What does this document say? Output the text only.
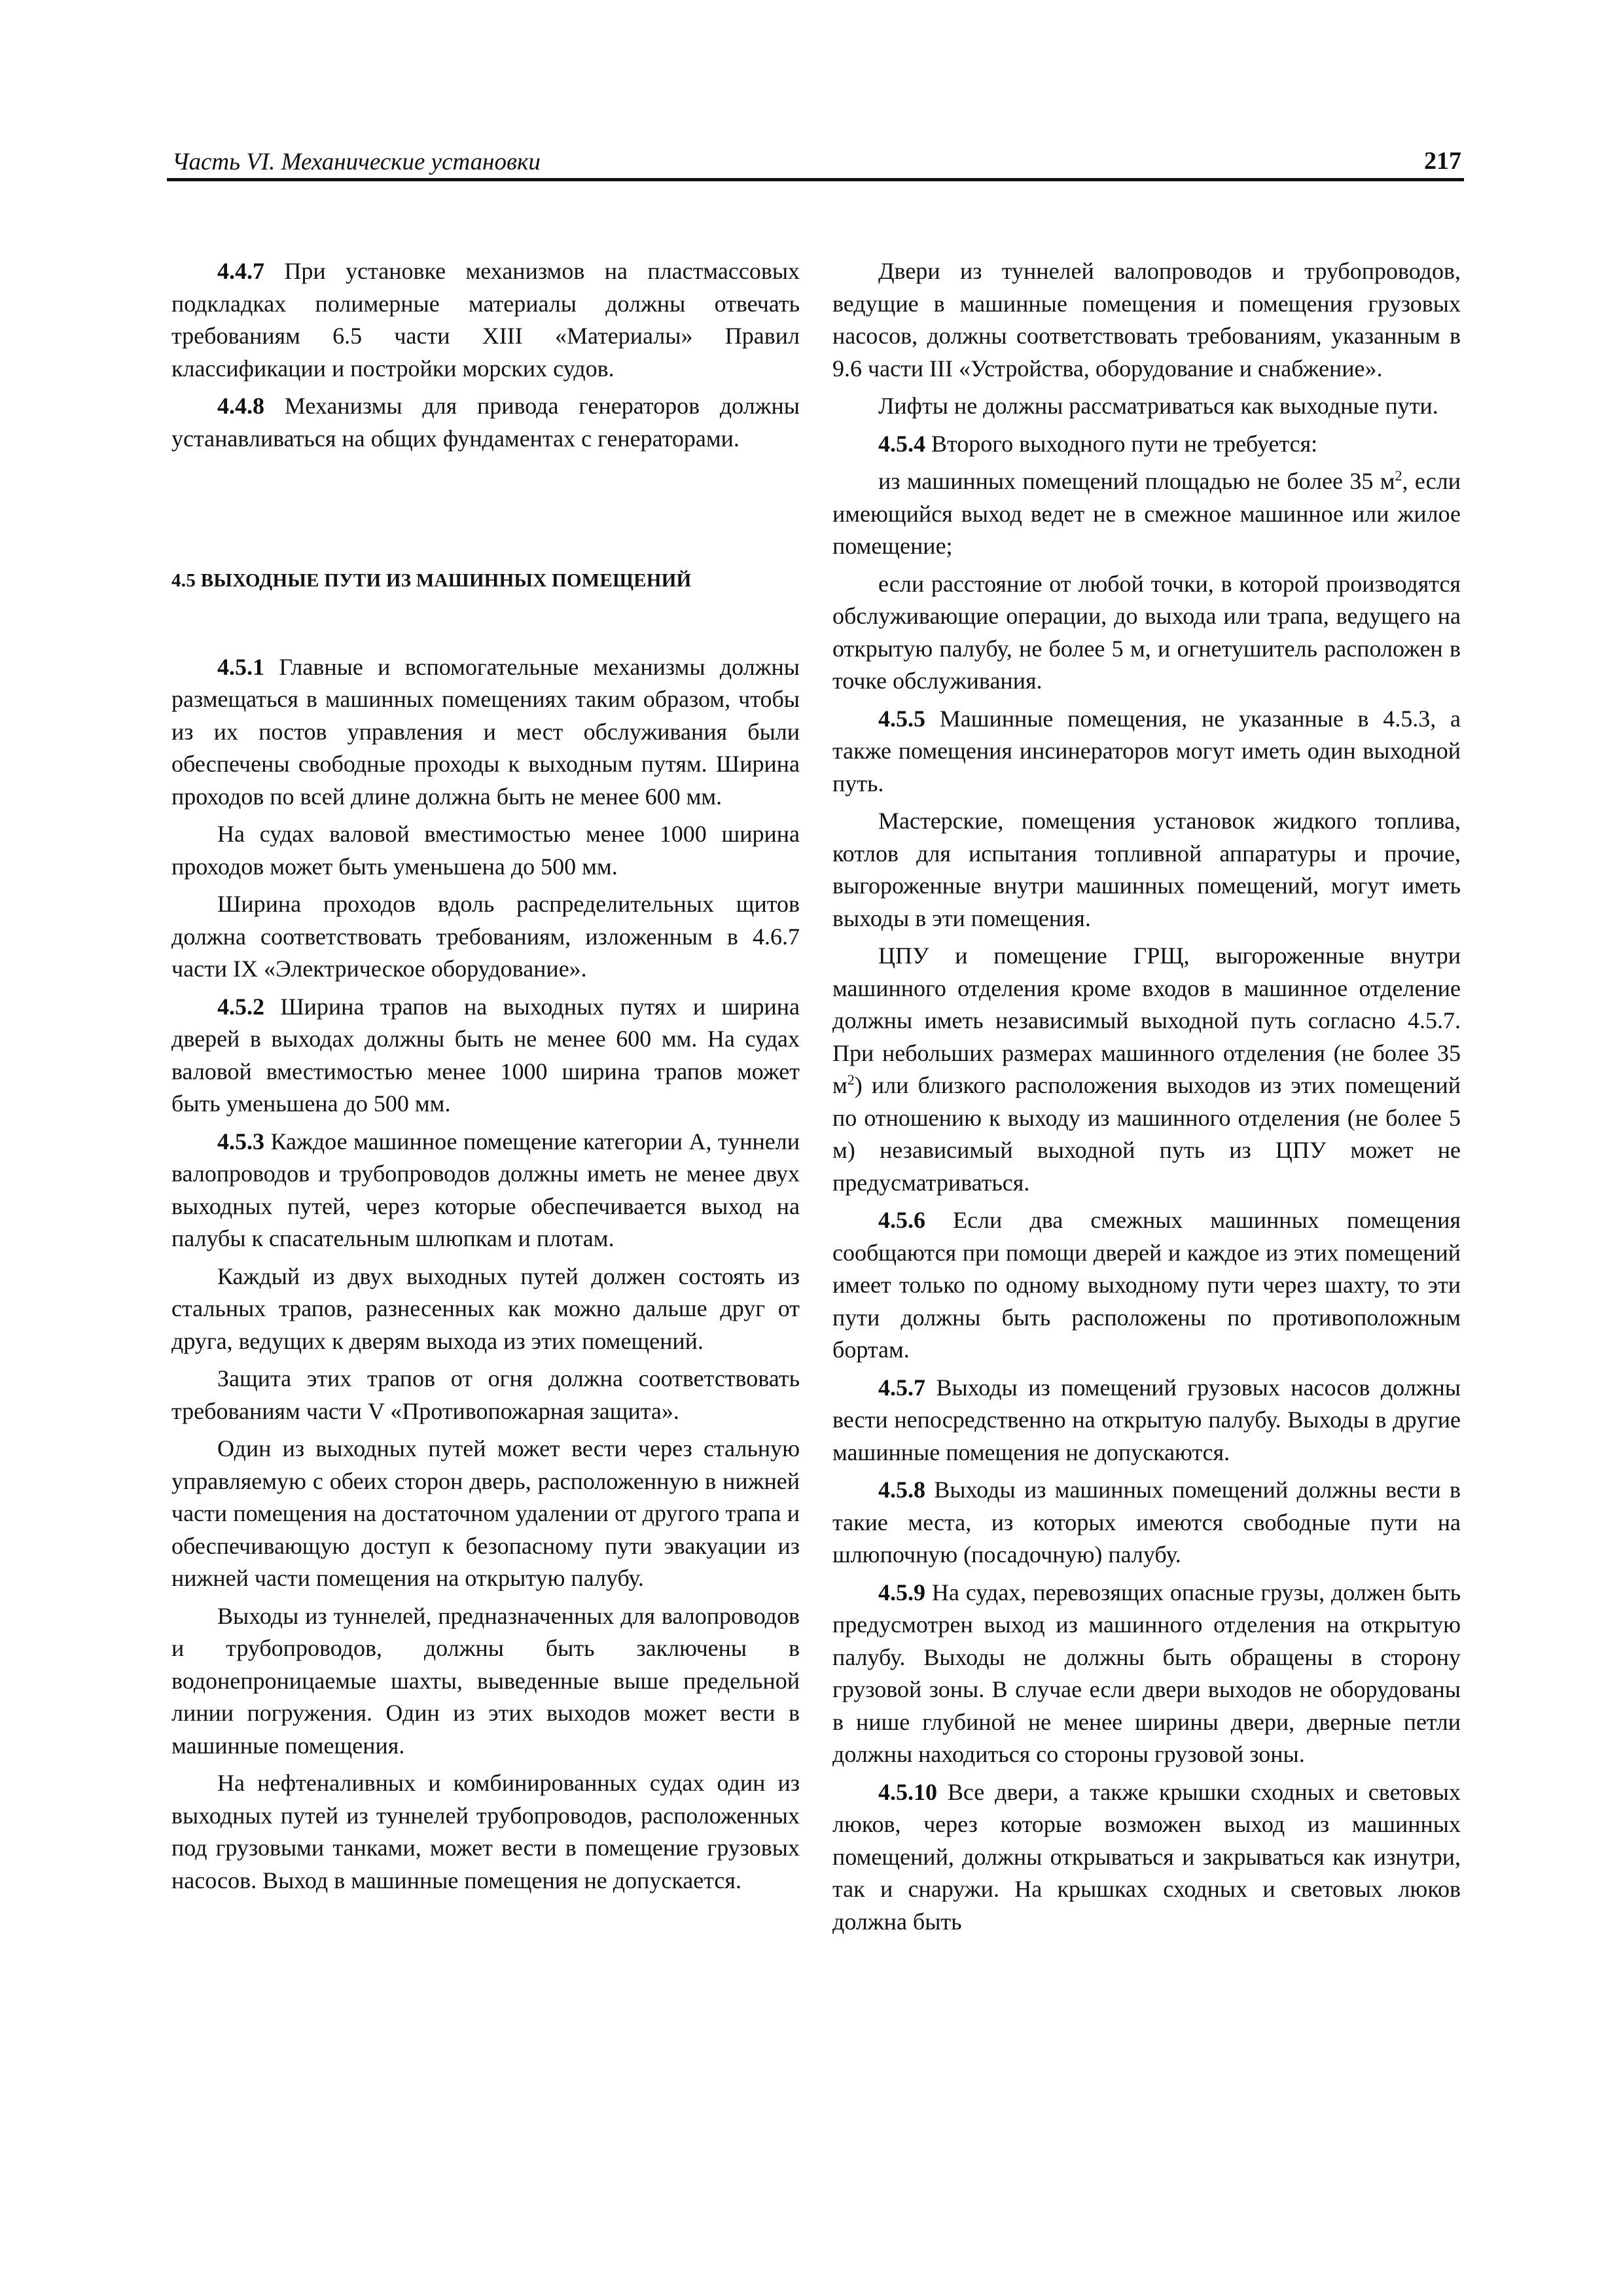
Часть VI. Механические установки	217

4.4.7 При установке механизмов на пластмассовых подкладках полимерные материалы должны отвечать требованиям 6.5 части XIII «Материалы» Правил классификации и постройки морских судов.

4.4.8 Механизмы для привода генераторов должны устанавливаться на общих фундаментах с генераторами.

4.5 ВЫХОДНЫЕ ПУТИ ИЗ МАШИННЫХ ПОМЕЩЕНИЙ

4.5.1 Главные и вспомогательные механизмы должны размещаться в машинных помещениях таким образом, чтобы из их постов управления и мест обслуживания были обеспечены свободные проходы к выходным путям. Ширина проходов по всей длине должна быть не менее 600 мм.

На судах валовой вместимостью менее 1000 ширина проходов может быть уменьшена до 500 мм.

Ширина проходов вдоль распределительных щитов должна соответствовать требованиям, изложенным в 4.6.7 части IX «Электрическое оборудование».

4.5.2 Ширина трапов на выходных путях и ширина дверей в выходах должны быть не менее 600 мм. На судах валовой вместимостью менее 1000 ширина трапов может быть уменьшена до 500 мм.

4.5.3 Каждое машинное помещение категории А, туннели валопроводов и трубопроводов должны иметь не менее двух выходных путей, через которые обеспечивается выход на палубы к спасательным шлюпкам и плотам.

Каждый из двух выходных путей должен состоять из стальных трапов, разнесенных как можно дальше друг от друга, ведущих к дверям выхода из этих помещений.

Защита этих трапов от огня должна соответствовать требованиям части V «Противопожарная защита».

Один из выходных путей может вести через стальную управляемую с обеих сторон дверь, расположенную в нижней части помещения на достаточном удалении от другого трапа и обеспечивающую доступ к безопасному пути эвакуации из нижней части помещения на открытую палубу.

Выходы из туннелей, предназначенных для валопроводов и трубопроводов, должны быть заключены в водонепроницаемые шахты, выведенные выше предельной линии погружения. Один из этих выходов может вести в машинные помещения.

На нефтеналивных и комбинированных судах один из выходных путей из туннелей трубопроводов, расположенных под грузовыми танками, может вести в помещение грузовых насосов. Выход в машинные помещения не допускается.

Двери из туннелей валопроводов и трубопроводов, ведущие в машинные помещения и помещения грузовых насосов, должны соответствовать требованиям, указанным в 9.6 части III «Устройства, оборудование и снабжение».

Лифты не должны рассматриваться как выходные пути.

4.5.4 Второго выходного пути не требуется:

из машинных помещений площадью не более 35 $м^2$, если имеющийся выход ведет не в смежное машинное или жилое помещение;

если расстояние от любой точки, в которой производятся обслуживающие операции, до выхода или трапа, ведущего на открытую палубу, не более 5 м, и огнетушитель расположен в точке обслуживания.

4.5.5 Машинные помещения, не указанные в 4.5.3, а также помещения инсинераторов могут иметь один выходной путь.

Мастерские, помещения установок жидкого топлива, котлов для испытания топливной аппаратуры и прочие, выгороженные внутри машинных помещений, могут иметь выходы в эти помещения.

ЦПУ и помещение ГРЩ, выгороженные внутри машинного отделения кроме входов в машинное отделение должны иметь независимый выходной путь согласно 4.5.7. При небольших размерах машинного отделения (не более 35 $м^2$) или близкого расположения выходов из этих помещений по отношению к выходу из машинного отделения (не более 5 м) независимый выходной путь из ЦПУ может не предусматриваться.

4.5.6 Если два смежных машинных помещения сообщаются при помощи дверей и каждое из этих помещений имеет только по одному выходному пути через шахту, то эти пути должны быть расположены по противоположным бортам.

4.5.7 Выходы из помещений грузовых насосов должны вести непосредственно на открытую палубу. Выходы в другие машинные помещения не допускаются.

4.5.8 Выходы из машинных помещений должны вести в такие места, из которых имеются свободные пути на шлюпочную (посадочную) палубу.

4.5.9 На судах, перевозящих опасные грузы, должен быть предусмотрен выход из машинного отделения на открытую палубу. Выходы не должны быть обращены в сторону грузовой зоны. В случае если двери выходов не оборудованы в нише глубиной не менее ширины двери, дверные петли должны находиться со стороны грузовой зоны.

4.5.10 Все двери, а также крышки сходных и световых люков, через которые возможен выход из машинных помещений, должны открываться и закрываться как изнутри, так и снаружи. На крышках сходных и световых люков должна быть
